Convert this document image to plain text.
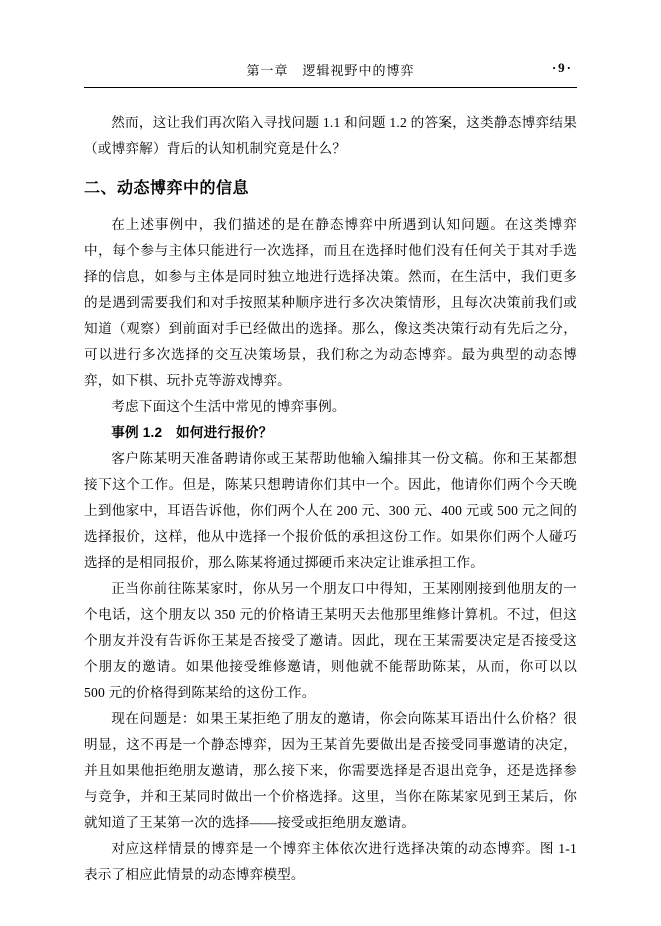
第一章　逻辑视野中的博弈	·9·

然而，这让我们再次陷入寻找问题 1.1 和问题 1.2 的答案，这类静态博弈结果（或博弈解）背后的认知机制究竟是什么？

二、动态博弈中的信息

在上述事例中，我们描述的是在静态博弈中所遇到认知问题。在这类博弈中，每个参与主体只能进行一次选择，而且在选择时他们没有任何关于其对手选择的信息，如参与主体是同时独立地进行选择决策。然而，在生活中，我们更多的是遇到需要我们和对手按照某种顺序进行多次决策情形，且每次决策前我们或知道（观察）到前面对手已经做出的选择。那么，像这类决策行动有先后之分，可以进行多次选择的交互决策场景，我们称之为动态博弈。最为典型的动态博弈，如下棋、玩扑克等游戏博弈。

考虑下面这个生活中常见的博弈事例。

事例 1.2　如何进行报价？

客户陈某明天准备聘请你或王某帮助他输入编排其一份文稿。你和王某都想接下这个工作。但是，陈某只想聘请你们其中一个。因此，他请你们两个今天晚上到他家中，耳语告诉他，你们两个人在 200 元、300 元、400 元或 500 元之间的选择报价，这样，他从中选择一个报价低的承担这份工作。如果你们两个人碰巧选择的是相同报价，那么陈某将通过掷硬币来决定让谁承担工作。

正当你前往陈某家时，你从另一个朋友口中得知，王某刚刚接到他朋友的一个电话，这个朋友以 350 元的价格请王某明天去他那里维修计算机。不过，但这个朋友并没有告诉你王某是否接受了邀请。因此，现在王某需要决定是否接受这个朋友的邀请。如果他接受维修邀请，则他就不能帮助陈某，从而，你可以以 500 元的价格得到陈某给的这份工作。

现在问题是：如果王某拒绝了朋友的邀请，你会向陈某耳语出什么价格？很明显，这不再是一个静态博弈，因为王某首先要做出是否接受同事邀请的决定，并且如果他拒绝朋友邀请，那么接下来，你需要选择是否退出竞争，还是选择参与竞争，并和王某同时做出一个价格选择。这里，当你在陈某家见到王某后，你就知道了王某第一次的选择——接受或拒绝朋友邀请。

对应这样情景的博弈是一个博弈主体依次进行选择决策的动态博弈。图 1-1 表示了相应此情景的动态博弈模型。
